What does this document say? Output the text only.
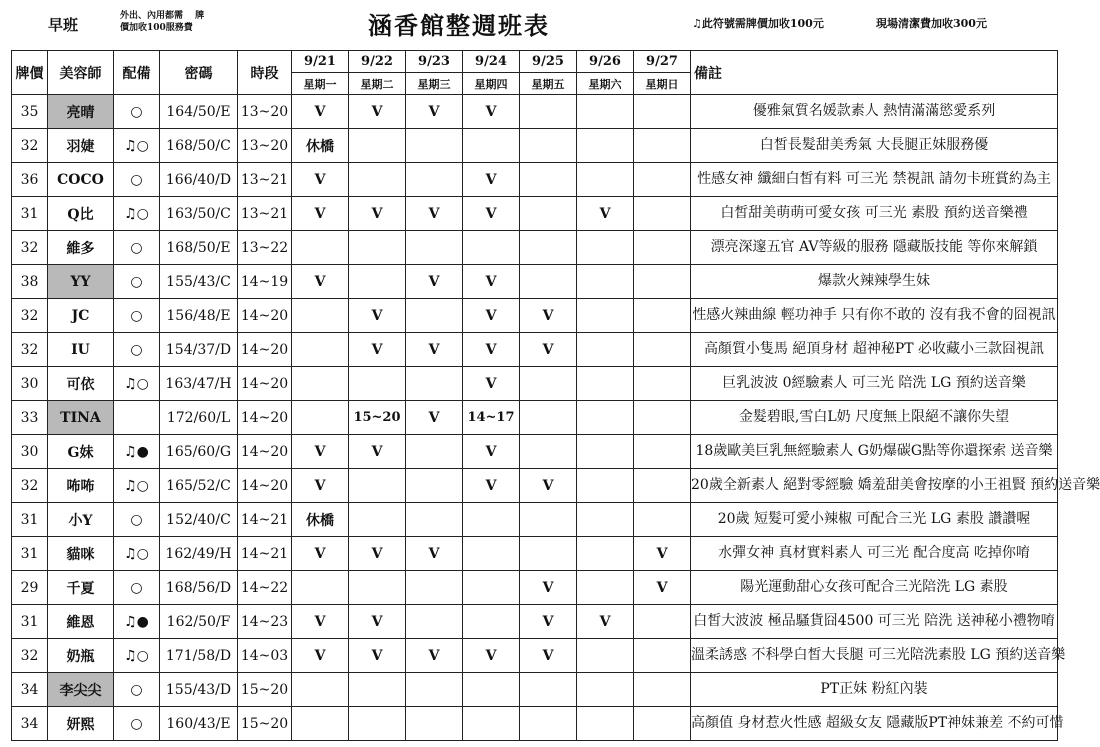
早班	外出、內用都需　 牌
價加收100服務費	涵香館整週班表	♫此符號需牌價加收100元	現場清潔費加收300元
牌價	美容師	配備	密碼	時段	9/21	9/22	9/23	9/24	9/25	9/26	9/27	備註
					星期一	星期二	星期三	星期四	星期五	星期六	星期日	
35	亮晴	○	164/50/E	13~20	V	V	V	V				優雅氣質名媛款素人 熱情滿滿慾愛系列
32	羽婕	♫○	168/50/C	13~20	休橋							白皙長髮甜美秀氣 大長腿正妹服務優
36	COCO	○	166/40/D	13~21	V			V				性感女神 纖細白皙有料 可三光 禁視訊 請勿卡班賞約為主
31	Q比	♫○	163/50/C	13~21	V	V	V	V		V		白皙甜美萌萌可愛女孩 可三光 素股 預約送音樂禮
32	維多	○	168/50/E	13~22								漂亮深邃五官 AV等級的服務 隱藏版技能 等你來解鎖
38	YY	○	155/43/C	14~19	V		V	V				爆款火辣辣學生妹
32	JC	○	156/48/E	14~20		V		V	V			性感火辣曲線 輕功神手 只有你不敢的 沒有我不會的囧視訊
32	IU	○	154/37/D	14~20		V	V	V	V			高顏質小隻馬 絕頂身材 超神秘PT 必收藏小三款囧視訊
30	可依	♫○	163/47/H	14~20				V				巨乳波波 0經驗素人 可三光 陪洗 LG 預約送音樂
33	TINA		172/60/L	14~20		15~20	V	14~17				金髮碧眼,雪白L奶 尺度無上限絕不讓你失望
30	G妹	♫●	165/60/G	14~20	V	V		V				18歲歐美巨乳無經驗素人 G奶爆碳G點等你還探索 送音樂
32	咘咘	♫○	165/52/C	14~20	V			V	V			20歲全新素人 絕對零經驗 嬌羞甜美會按摩的小王祖賢 預約送音樂
31	小Y	○	152/40/C	14~21	休橋							20歲 短髮可愛小辣椒 可配合三光 LG 素股 讚讚喔
31	貓咪	♫○	162/49/H	14~21	V	V	V				V	水彈女神 真材實料素人 可三光 配合度高 吃掉你唷
29	千夏	○	168/56/D	14~22					V		V	陽光運動甜心女孩可配合三光陪洗 LG 素股
31	維恩	♫●	162/50/F	14~23	V	V			V	V		白皙大波波 極品騷貨囧4500 可三光 陪洗 送神秘小禮物唷
32	奶瓶	♫○	171/58/D	14~03	V	V	V	V	V			溫柔誘惑 不科學白皙大長腿 可三光陪洗素股 LG 預約送音樂
34	李尖尖	○	155/43/D	15~20								PT正妹 粉紅內裝
34	妍熙	○	160/43/E	15~20								高顏值 身材惹火性感 超級女友 隱藏版PT神妹兼差 不約可惜
